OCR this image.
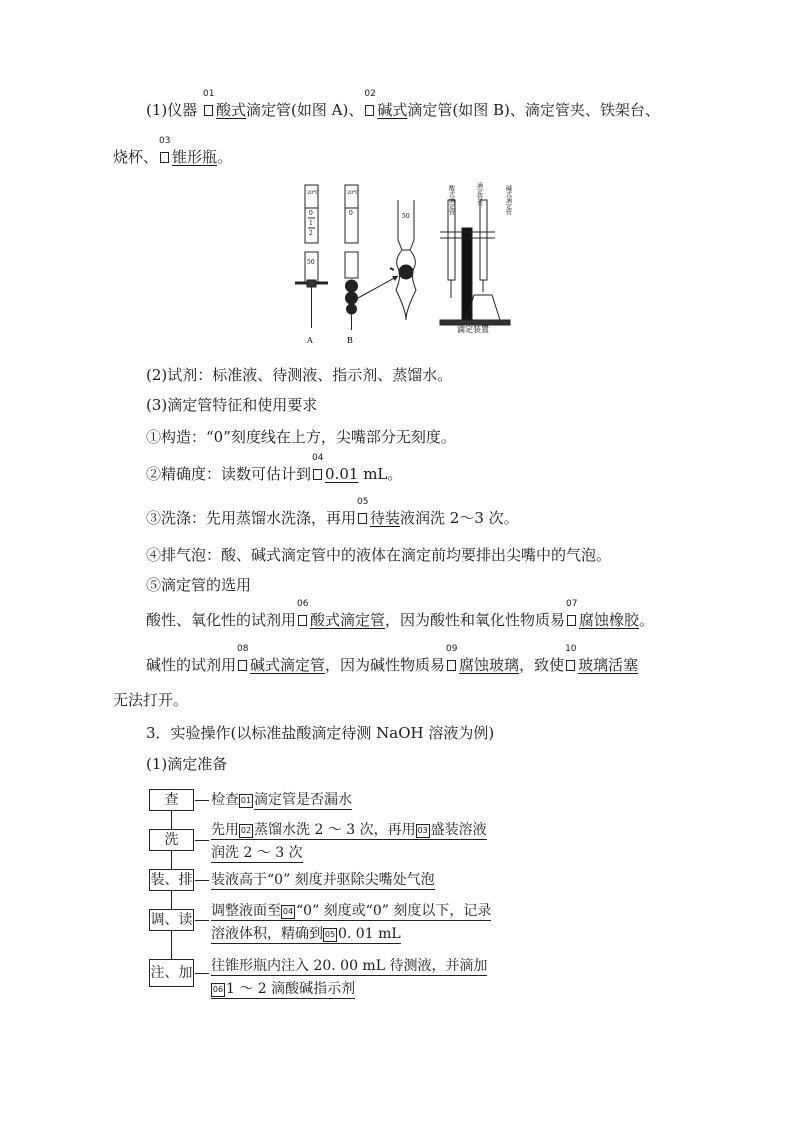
(1)仪器
01
酸式滴定管(如图 A)、
02
碱式滴定管(如图 B)、滴定管夹、铁架台、
烧杯、
03
锥形瓶。
20℃
0
1
2
50
A
20℃
0
B
50
滴定装置
酸式滴定管	滴定管夹	碱式滴定管
(2)试剂：标准液、待测液、指示剂、蒸馏水。
(3)滴定管特征和使用要求
①构造：“0”刻度线在上方，尖嘴部分无刻度。
②精确度：读数可估计到
04
0.01 mL。
③洗涤：先用蒸馏水洗涤，再用
05
待装液润洗 2～3 次。
④排气泡：酸、碱式滴定管中的液体在滴定前均要排出尖嘴中的气泡。
⑤滴定管的选用
酸性、氧化性的试剂用
06
酸式滴定管，因为酸性和氧化性物质易
07
腐蚀橡胶。
碱性的试剂用
08
碱式滴定管，因为碱性物质易
09
腐蚀玻璃，致使
10
玻璃活塞
无法打开。
3．实验操作(以标准盐酸滴定待测 NaOH 溶液为例)
(1)滴定准备
查
洗
装、排
调、读
注、加
检查 01 滴定管是否漏水
先用 02 蒸馏水洗 2 ～ 3 次，再用 03 盛装溶液
润洗 2 ～ 3 次
装液高于“0” 刻度并驱除尖嘴处气泡
调整液面至 04 “0” 刻度或“0” 刻度以下，记录
溶液体积，精确到 05 0. 01 mL
往锥形瓶内注入 20. 00 mL 待测液，并滴加
06 1 ～ 2 滴酸碱指示剂
